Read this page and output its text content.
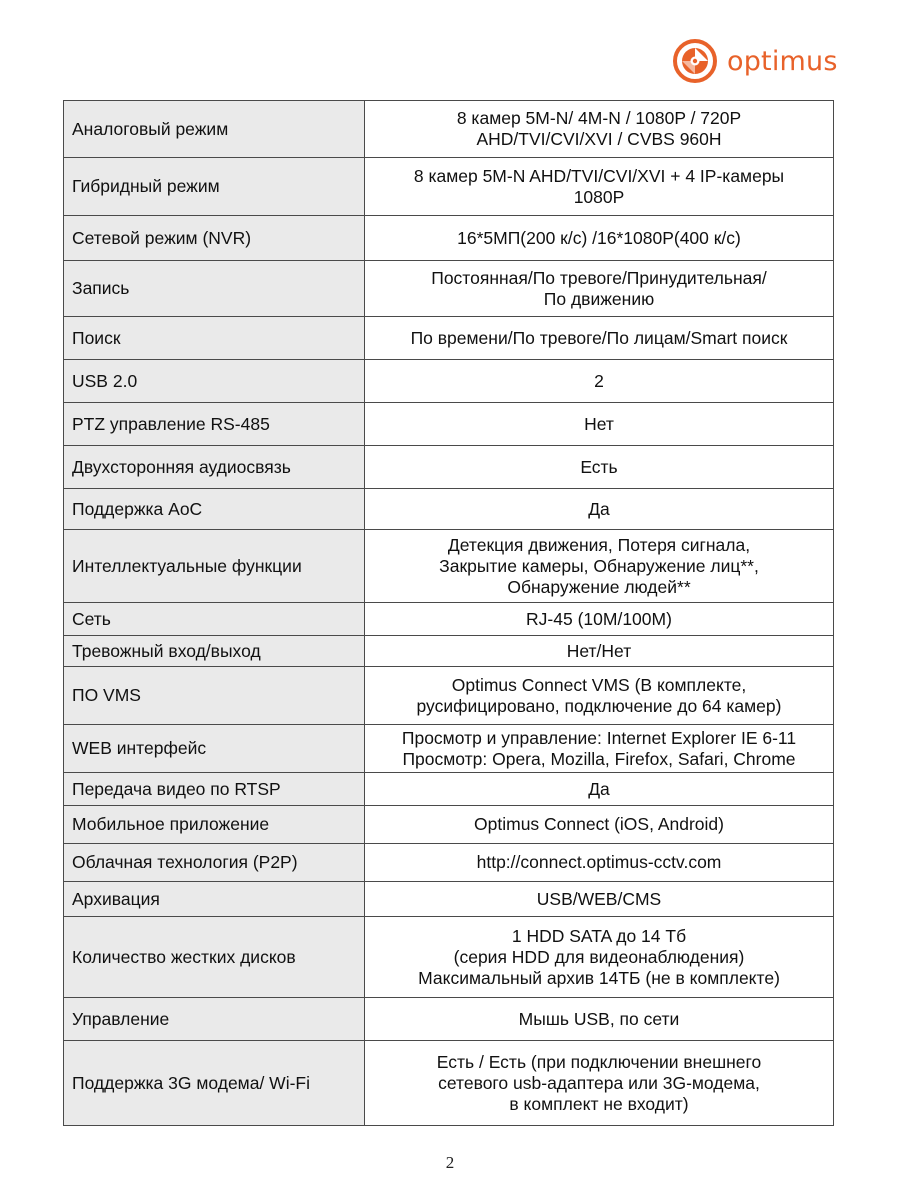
optimus
Аналоговый режим	8 камер 5M-N/ 4M-N / 1080P / 720P
AHD/TVI/CVI/XVI / CVBS 960H
Гибридный режим	8 камер 5M-N AHD/TVI/CVI/XVI + 4 IP-камеры
1080P
Сетевой режим (NVR)	16*5МП(200 к/с) /16*1080P(400 к/с)
Запись	Постоянная/По тревоге/Принудительная/
По движению
Поиск	По времени/По тревоге/По лицам/Smart поиск
USB 2.0	2
PTZ управление RS-485	Нет
Двухсторонняя аудиосвязь	Есть
Поддержка AoC	Да
Интеллектуальные функции	Детекция движения, Потеря сигнала,
Закрытие камеры, Обнаружение лиц**,
Обнаружение людей**
Сеть	RJ-45 (10M/100M)
Тревожный вход/выход	Нет/Нет
ПО VMS	Optimus Connect VMS (В комплекте,
русифицировано, подключение до 64 камер)
WEB интерфейс	Просмотр и управление: Internet Explorer IE 6-11
Просмотр: Opera, Mozilla, Firefox, Safari, Chrome
Передача видео по RTSP	Да
Мобильное приложение	Optimus Connect (iOS, Android)
Облачная технология (P2P)	http://connect.optimus-cctv.com
Архивация	USB/WEB/CMS
Количество жестких дисков	1 HDD SATA до 14 Тб
(серия HDD для видеонаблюдения)
Максимальный архив 14ТБ (не в комплекте)
Управление	Мышь USB, по сети
Поддержка 3G модема/ Wi-Fi	Есть / Есть (при подключении внешнего
сетевого usb-адаптера или 3G-модема,
в комплект не входит)
2
